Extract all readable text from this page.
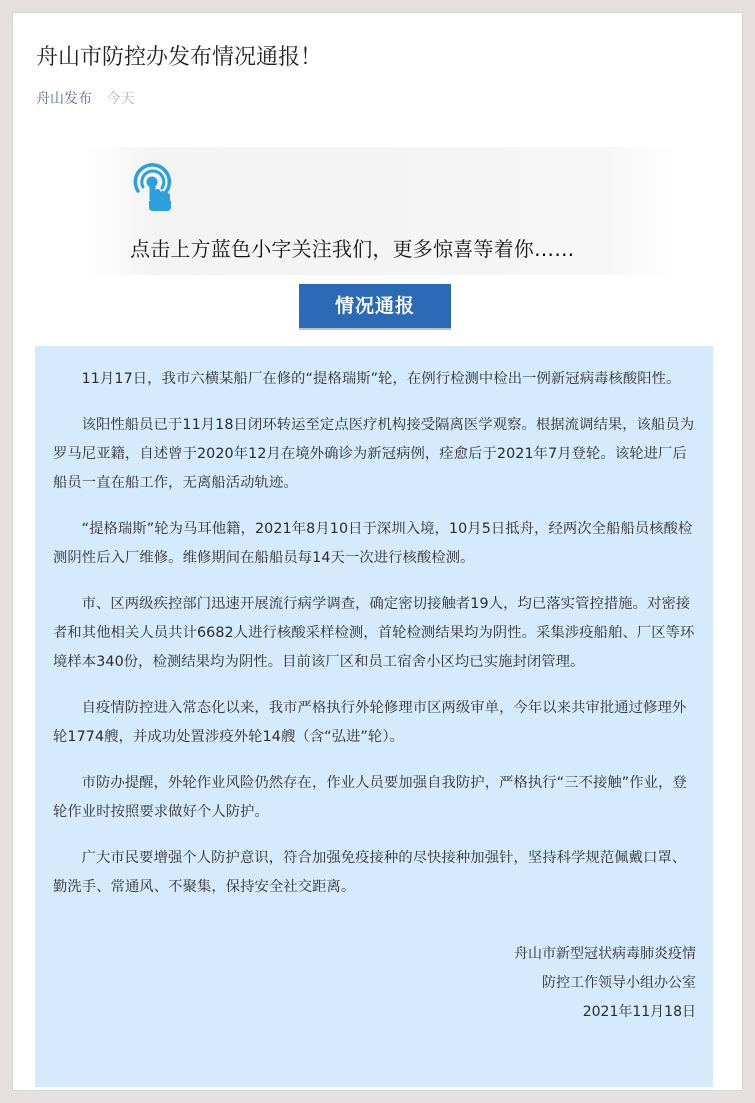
舟山市防控办发布情况通报！
舟山发布 今天
点击上方蓝色小字关注我们，更多惊喜等着你……
情况通报

11月17日，我市六横某船厂在修的“提格瑞斯”轮，在例行检测中检出一例新冠病毒核酸阳性。

该阳性船员已于11月18日闭环转运至定点医疗机构接受隔离医学观察。根据流调结果，该船员为罗马尼亚籍，自述曾于2020年12月在境外确诊为新冠病例，痊愈后于2021年7月登轮。该轮进厂后船员一直在船工作，无离船活动轨迹。

“提格瑞斯”轮为马耳他籍，2021年8月10日于深圳入境，10月5日抵舟，经两次全船船员核酸检测阴性后入厂维修。维修期间在船船员每14天一次进行核酸检测。

市、区两级疾控部门迅速开展流行病学调查，确定密切接触者19人，均已落实管控措施。对密接者和其他相关人员共计6682人进行核酸采样检测，首轮检测结果均为阴性。采集涉疫船舶、厂区等环境样本340份，检测结果均为阴性。目前该厂区和员工宿舍小区均已实施封闭管理。

自疫情防控进入常态化以来，我市严格执行外轮修理市区两级审单，今年以来共审批通过修理外轮1774艘，并成功处置涉疫外轮14艘（含“弘进”轮）。

市防办提醒，外轮作业风险仍然存在，作业人员要加强自我防护，严格执行“三不接触”作业，登轮作业时按照要求做好个人防护。

广大市民要增强个人防护意识，符合加强免疫接种的尽快接种加强针，坚持科学规范佩戴口罩、勤洗手、常通风、不聚集，保持安全社交距离。

舟山市新型冠状病毒肺炎疫情
防控工作领导小组办公室
2021年11月18日
